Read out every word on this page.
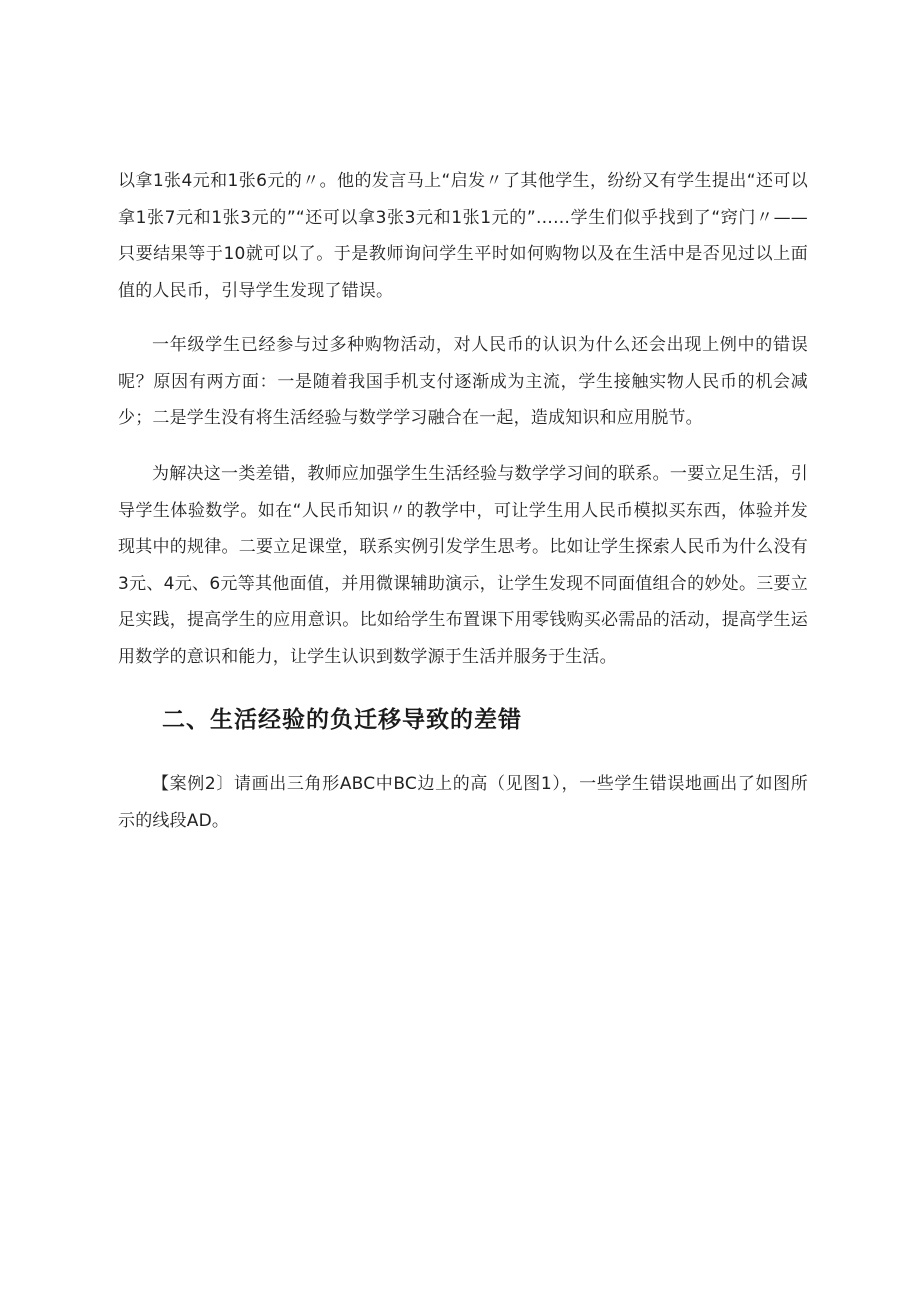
以拿1张4元和1张6元的〃。他的发言马上“启发〃了其他学生，纷纷又有学生提出“还可以拿1张7元和1张3元的”“还可以拿3张3元和1张1元的”……学生们似乎找到了“窍门〃——只要结果等于10就可以了。于是教师询问学生平时如何购物以及在生活中是否见过以上面值的人民币，引导学生发现了错误。

一年级学生已经参与过多种购物活动，对人民币的认识为什么还会出现上例中的错误呢？原因有两方面：一是随着我国手机支付逐渐成为主流，学生接触实物人民币的机会减少；二是学生没有将生活经验与数学学习融合在一起，造成知识和应用脱节。

为解决这一类差错，教师应加强学生生活经验与数学学习间的联系。一要立足生活，引导学生体验数学。如在“人民币知识〃的教学中，可让学生用人民币模拟买东西，体验并发现其中的规律。二要立足课堂，联系实例引发学生思考。比如让学生探索人民币为什么没有3元、4元、6元等其他面值，并用微课辅助演示，让学生发现不同面值组合的妙处。三要立足实践，提高学生的应用意识。比如给学生布置课下用零钱购买必需品的活动，提高学生运用数学的意识和能力，让学生认识到数学源于生活并服务于生活。

二、生活经验的负迁移导致的差错

【案例2〕请画出三角形ABC中BC边上的高（见图1），一些学生错误地画出了如图所示的线段AD。
